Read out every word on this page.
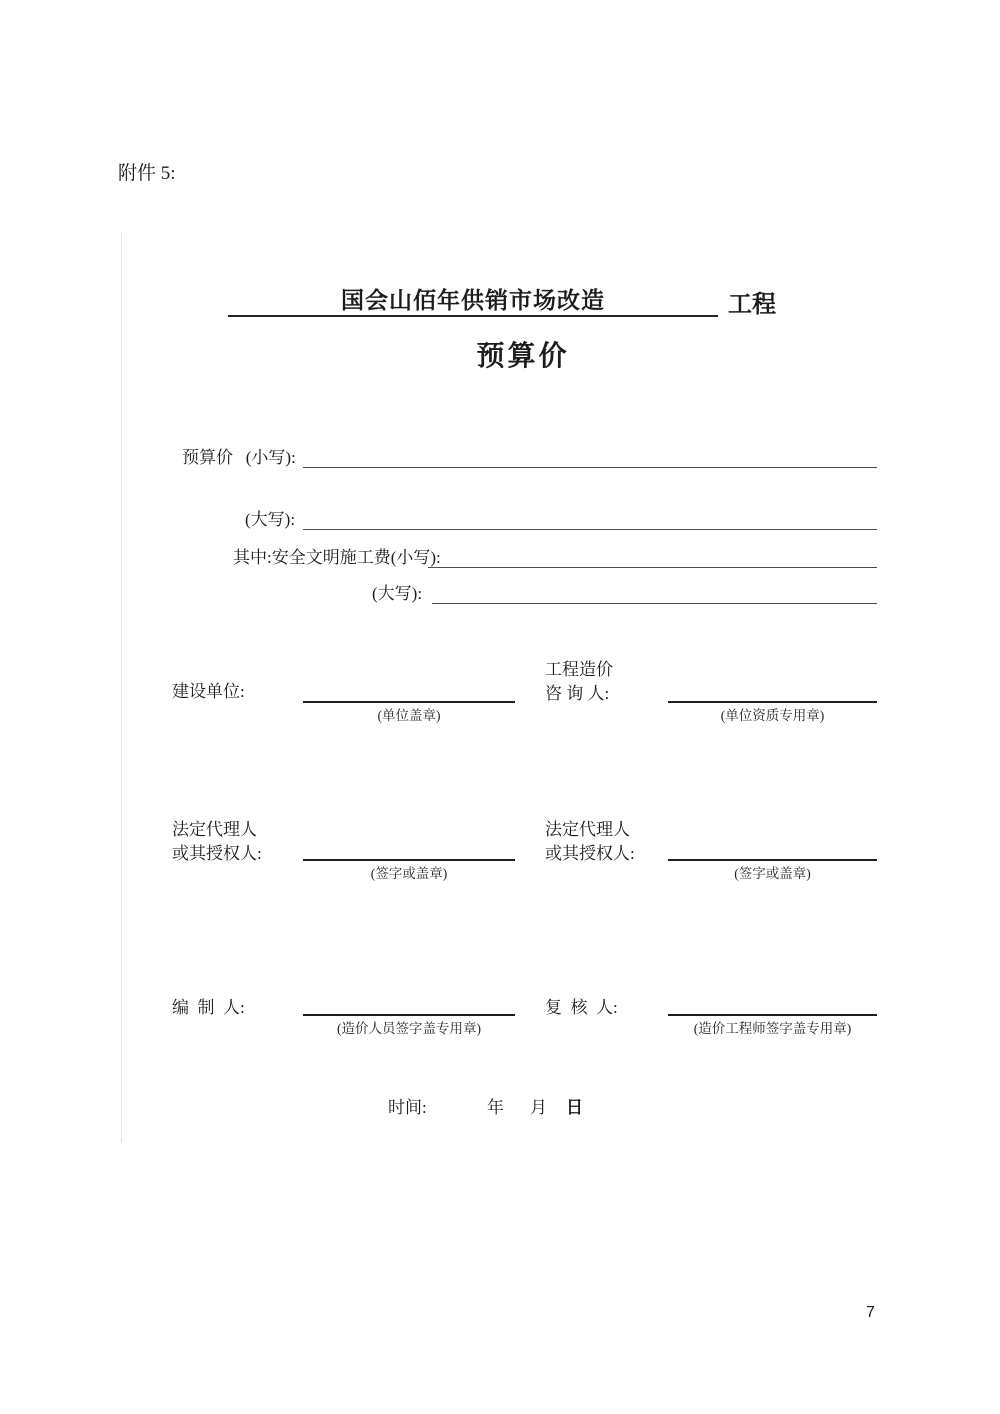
附件 5:
国会山佰年供销市场改造	工程
预算价
预算价   (小写):
(大写):
其中:安全文明施工费(小写):
(大写):
建设单位:
(单位盖章)
工程造价
咨 询 人:
(单位资质专用章)
法定代理人
或其授权人:
(签字或盖章)
法定代理人
或其授权人:
(签字或盖章)
编  制  人:
(造价人员签字盖专用章)
复  核  人:
(造价工程师签字盖专用章)
时间:	年 月 日
7
